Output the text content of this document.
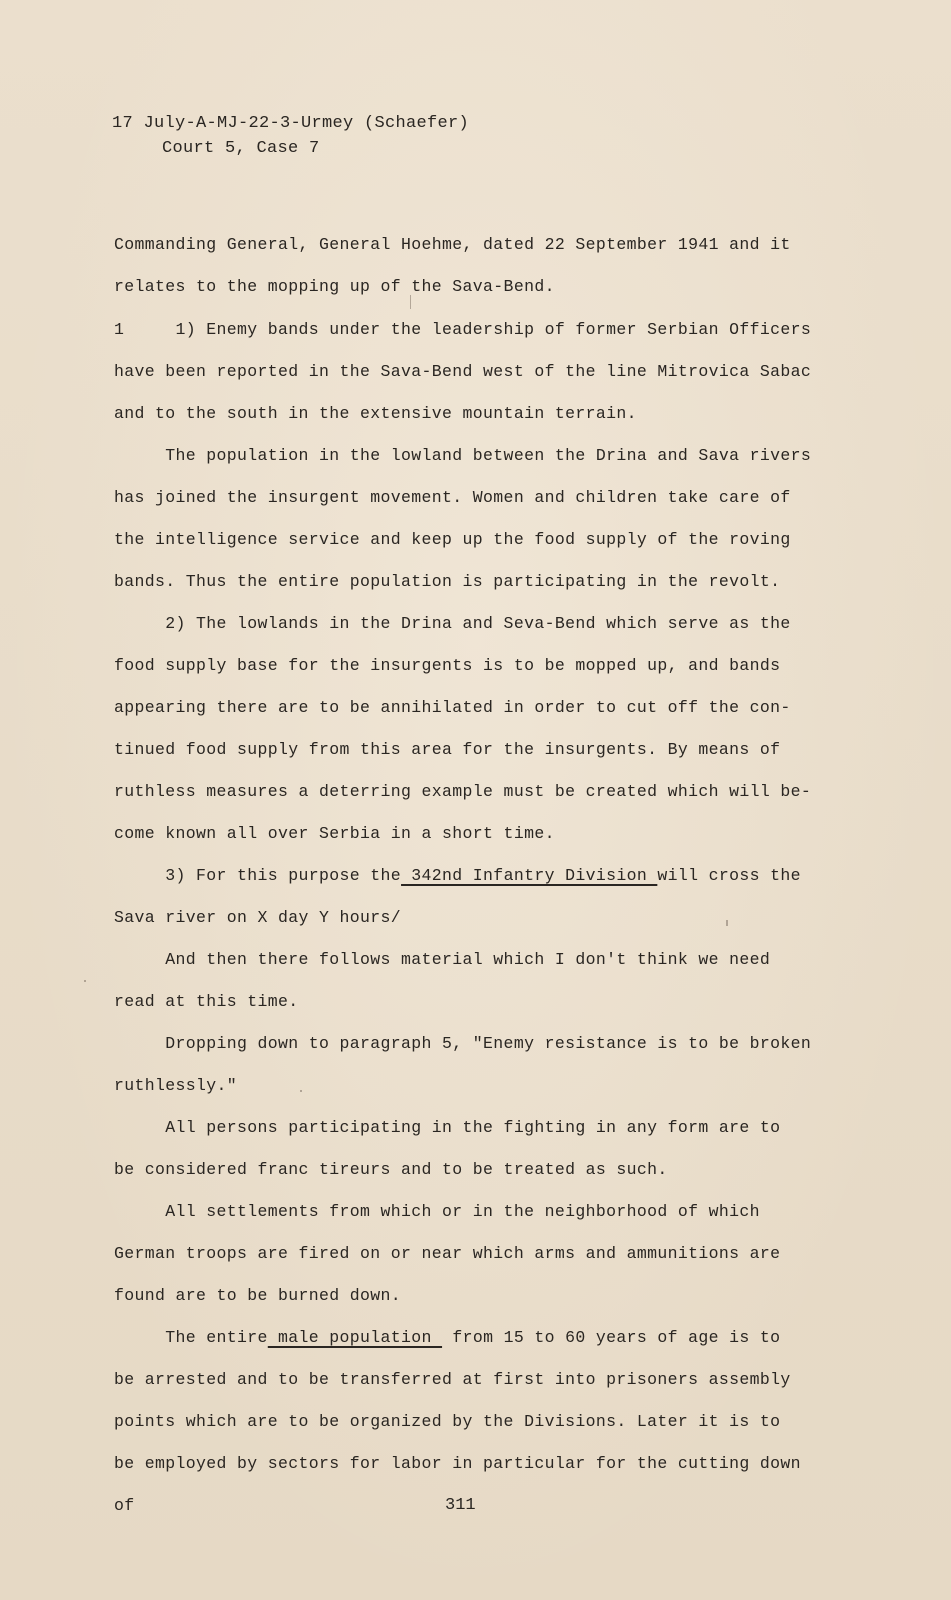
17 July-A-MJ-22-3-Urmey (Schaefer)
Court 5, Case 7
Commanding General, General Hoehme, dated 22 September 1941 and it
relates to the mopping up of the Sava-Bend.
1     1) Enemy bands under the leadership of former Serbian Officers
have been reported in the Sava-Bend west of the line Mitrovica Sabac
and to the south in the extensive mountain terrain.
The population in the lowland between the Drina and Sava rivers
has joined the insurgent movement. Women and children take care of
the intelligence service and keep up the food supply of the roving
bands. Thus the entire population is participating in the revolt.
2) The lowlands in the Drina and Seva-Bend which serve as the
food supply base for the insurgents is to be mopped up, and bands
appearing there are to be annihilated in order to cut off the con-
tinued food supply from this area for the insurgents. By means of
ruthless measures a deterring example must be created which will be-
come known all over Serbia in a short time.
3) For this purpose the 342nd Infantry Division will cross the
Sava river on X day Y hours/
And then there follows material which I don't think we need
read at this time.
Dropping down to paragraph 5, "Enemy resistance is to be broken
ruthlessly."
All persons participating in the fighting in any form are to
be considered franc tireurs and to be treated as such.
All settlements from which or in the neighborhood of which
German troops are fired on or near which arms and ammunitions are
found are to be burned down.
The entire male population  from 15 to 60 years of age is to
be arrested and to be transferred at first into prisoners assembly
points which are to be organized by the Divisions. Later it is to
be employed by sectors for labor in particular for the cutting down
of	311
